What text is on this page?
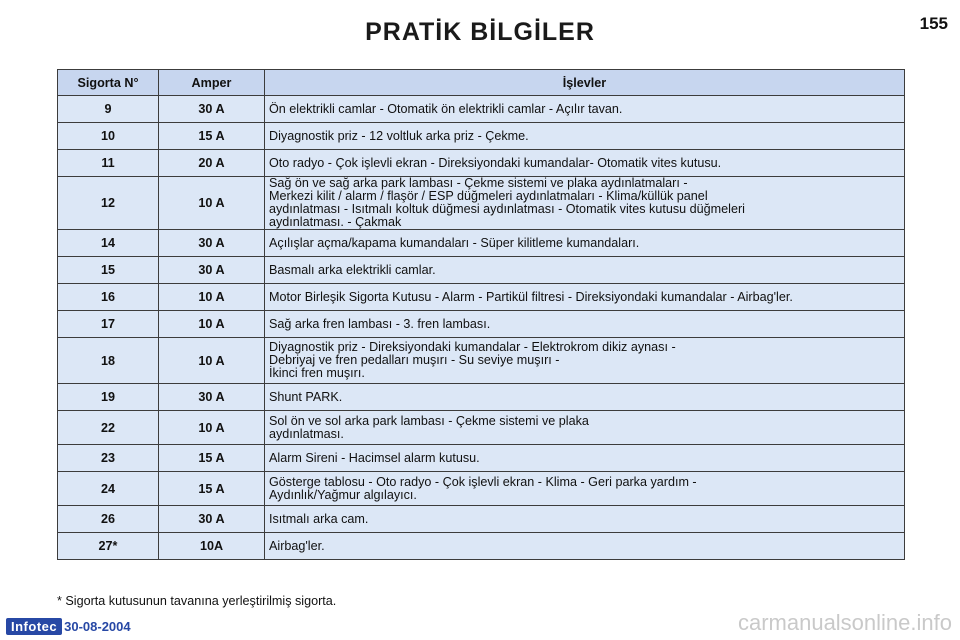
PRATİK BİLGİLER	155
Sigorta N°	Amper	İşlevler
9	30 A	Ön elektrikli camlar - Otomatik ön elektrikli camlar - Açılır tavan.
10	15 A	Diyagnostik priz - 12 voltluk arka priz - Çekme.
11	20 A	Oto radyo - Çok işlevli ekran - Direksiyondaki kumandalar- Otomatik vites kutusu.
12	10 A	Sağ ön ve sağ arka park lambası - Çekme sistemi ve plaka aydınlatmaları -
Merkezi kilit / alarm / flaşör / ESP düğmeleri aydınlatmaları - Klima/küllük panel
aydınlatması - Isıtmalı koltuk düğmesi aydınlatması - Otomatik vites kutusu düğmeleri
aydınlatması. - Çakmak
14	30 A	Açılışlar açma/kapama kumandaları - Süper kilitleme kumandaları.
15	30 A	Basmalı arka elektrikli camlar.
16	10 A	Motor Birleşik Sigorta Kutusu - Alarm - Partikül filtresi - Direksiyondaki kumandalar - Airbag'ler.
17	10 A	Sağ arka fren lambası - 3. fren lambası.
18	10 A	Diyagnostik priz - Direksiyondaki kumandalar - Elektrokrom dikiz aynası -
Debriyaj ve fren pedalları muşırı - Su seviye muşırı -
İkinci fren muşırı.
19	30 A	Shunt PARK.
22	10 A	Sol ön ve sol arka park lambası - Çekme sistemi ve plaka
aydınlatması.
23	15 A	Alarm Sireni - Hacimsel alarm kutusu.
24	15 A	Gösterge tablosu - Oto radyo - Çok işlevli ekran - Klima - Geri parka yardım -
Aydınlık/Yağmur algılayıcı.
26	30 A	Isıtmalı arka cam.
27*	10A	Airbag'ler.
* Sigorta kutusunun tavanına yerleştirilmiş sigorta.
Infotec 30-08-2004	carmanualsonline.info
